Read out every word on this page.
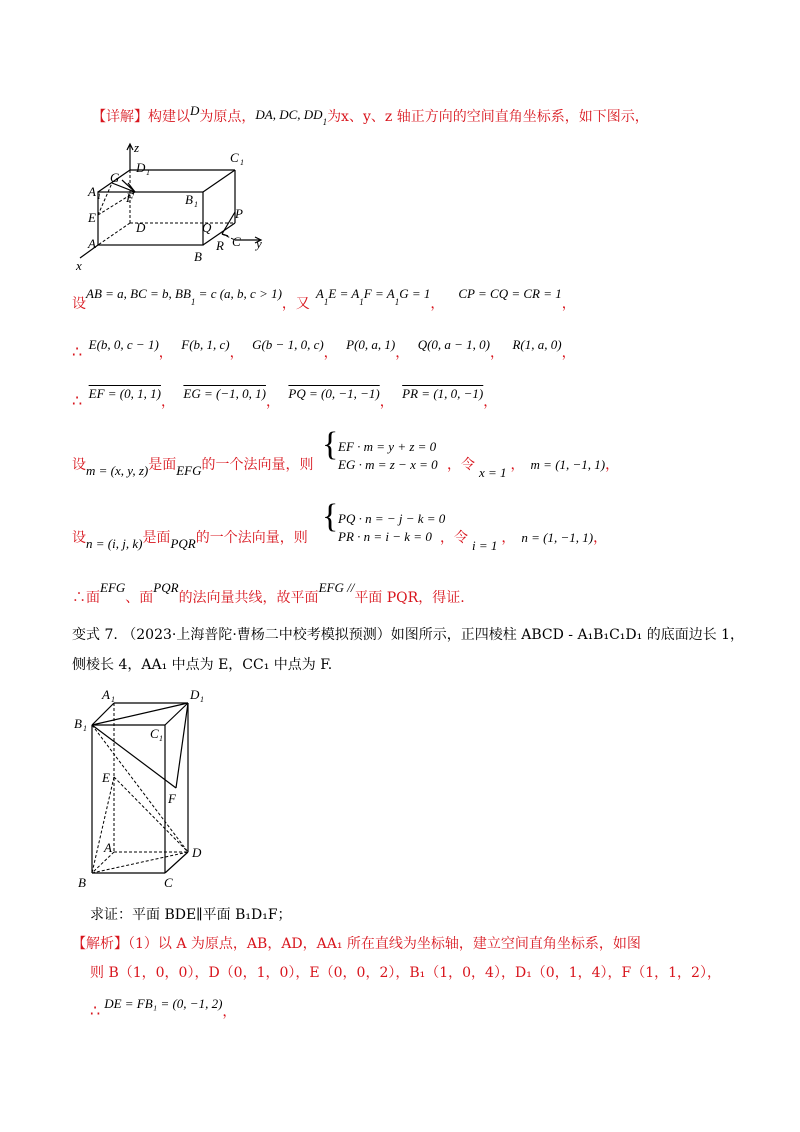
【详解】构建以D为原点，DA, DC, $DD_1$为x、y、z 轴正方向的空间直角坐标系，如下图示，
z
D 1
C 1
G
A 1 F	B 1
E
D
P
Q
A	R C y
B
x
设AB = a, BC = b, $BB_1 = c$ (a, b, c > 1)，又$A_1E = A_1F = A_1G = 1$，CP = CQ = CR = 1，
∴ E(b, 0, c − 1)， F(b, 1, c)， G(b − 1, 0, c)， P(0, a, 1)， Q(0, a − 1, 0)， R(1, a, 0)，
∴ EF = (0, 1, 1)， EG = (−1, 0, 1)， PQ = (0, −1, −1)， PR = (1, 0, −1)，
设m = (x, y, z)是面EFG的一个法向量，则
{ EF · m = y + z = 0
EG · m = z − x = 0 ，令 x = 1 ， m = (1, −1, 1)，
设n = (i, j, k)是面PQR的一个法向量，则
{ PQ · n = − j − k = 0
PR · n = i − k = 0 ，令 i = 1 ， n = (1, −1, 1)，
∴面EFG、面PQR的法向量共线，故平面EFG //平面 PQR，得证.
变式 7. （2023·上海普陀·曹杨二中校考模拟预测）如图所示，正四棱柱 ABCD - A₁B₁C₁D₁ 的底面边长 1，
侧棱长 4，AA₁ 中点为 E，CC₁ 中点为 F.
A 1	D 1
B 1	C 1
E
F
A	D
B	C
求证：平面 BDE∥平面 B₁D₁F；
【解析】（1）以 A 为原点，AB，AD，AA₁ 所在直线为坐标轴，建立空间直角坐标系，如图
则 B（1，0，0），D（0，1，0），E（0，0，2），B₁（1，0，4），D₁（0，1，4），F（1，1，2），
∴ DE = FB₁ = (0, −1, 2)，
